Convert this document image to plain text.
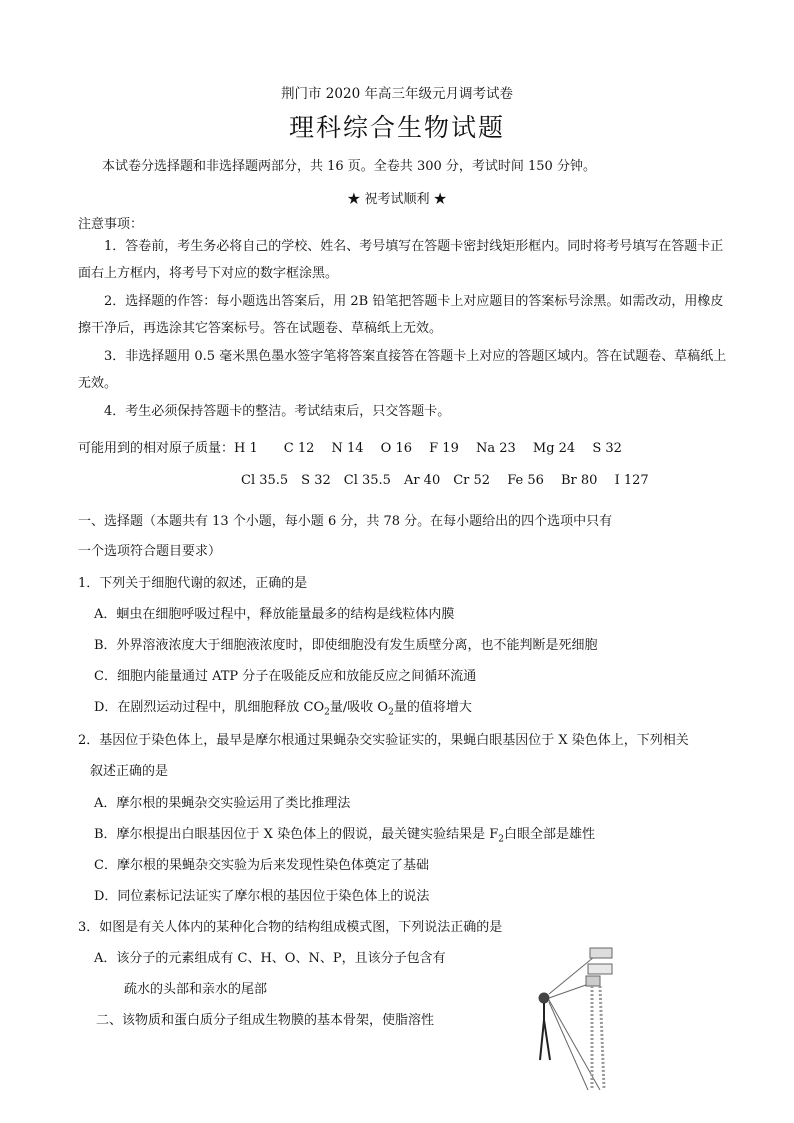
荆门市 2020 年高三年级元月调考试卷
理科综合生物试题
本试卷分选择题和非选择题两部分，共 16 页。全卷共 300 分，考试时间 150 分钟。
★ 祝考试顺利 ★
注意事项：
1．答卷前，考生务必将自己的学校、姓名、考号填写在答题卡密封线矩形框内。同时将考号填写在答题卡正面右上方框内，将考号下对应的数字框涂黑。
2．选择题的作答：每小题选出答案后，用 2B 铅笔把答题卡上对应题目的答案标号涂黑。如需改动，用橡皮擦干净后，再选涂其它答案标号。答在试题卷、草稿纸上无效。
3．非选择题用 0.5 毫米黑色墨水签字笔将答案直接答在答题卡上对应的答题区域内。答在试题卷、草稿纸上无效。
4．考生必须保持答题卡的整洁。考试结束后，只交答题卡。
可能用到的相对原子质量：H 1　　C 12　 N 14　 O 16　 F 19　 Na 23　 Mg 24　 S 32
Cl 35.5　S 32　Cl 35.5　Ar 40　Cr 52　 Fe 56　 Br 80　 I 127
一、选择题（本题共有 13 个小题，每小题 6 分，共 78 分。在每小题给出的四个选项中只有
一个选项符合题目要求）
1．下列关于细胞代谢的叙述，正确的是
A．蛔虫在细胞呼吸过程中，释放能量最多的结构是线粒体内膜
B．外界溶液浓度大于细胞液浓度时，即使细胞没有发生质壁分离，也不能判断是死细胞
C．细胞内能量通过 ATP 分子在吸能反应和放能反应之间循环流通
D．在剧烈运动过程中，肌细胞释放 $CO_2$量/吸收 $O_2$量的值将增大
2．基因位于染色体上，最早是摩尔根通过果蝇杂交实验证实的，果蝇白眼基因位于 X 染色体上，下列相关
叙述正确的是
A．摩尔根的果蝇杂交实验运用了类比推理法
B．摩尔根提出白眼基因位于 X 染色体上的假说，最关键实验结果是 $F_2$白眼全部是雄性
C．摩尔根的果蝇杂交实验为后来发现性染色体奠定了基础
D．同位素标记法证实了摩尔根的基因位于染色体上的说法
3．如图是有关人体内的某种化合物的结构组成模式图，下列说法正确的是
A．该分子的元素组成有 C、H、O、N、P，且该分子包含有
疏水的头部和亲水的尾部
二、该物质和蛋白质分子组成生物膜的基本骨架，使脂溶性
